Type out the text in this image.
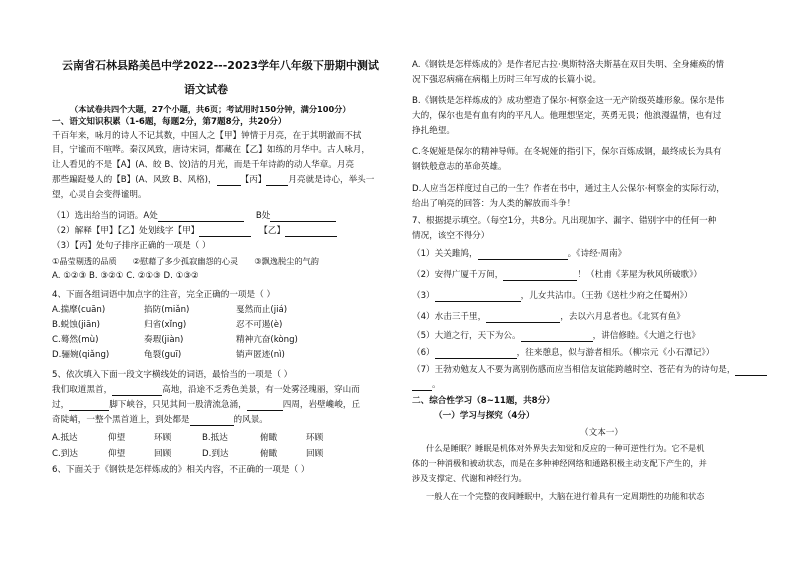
云南省石林县路美邑中学2022---2023学年八年级下册期中测试
语文试卷
（本试卷共四个大题，27个小题，共6页；考试用时150分钟，满分100分）
一、语文知识积累（1-6题，每题2分，第7题8分，共20分）
千百年来，咏月的诗人不记其数，中国人之【甲】钟情于月亮，在于其明澈而不拭
目，宁谧而不喧哗。秦汉风致，唐诗宋词，都藏在【乙】如练的月华中。古人咏月，
让人看见的不是【A】(A、皎 B、饺)洁的月光，而是千年诗韵的动人华章。月亮
那些蹁跹曼人的【B】(A、风致 B、风格)，	【丙】	月亮就是诗心，举头一
望，心灵自会变得谧明。
（1）选出给当的词语。A处	B处
（2）解释【甲】【乙】处划线字【甲】	【乙】
（3）【丙】处句子排序正确的一项是（ ）
①晶莹剔透的品质 ②慰藉了多少孤寂幽怨的心灵 ③飘逸脱尘的气韵
A. ①②③ B. ③②① C. ②①③ D. ①③②
4、下面各组词语中加点字的注音，完全正确的一项是（ ）
A.揣摩(cuān)	掐防(miǎn)	戛然而止(jiá)
B.蜕蚀(jiān)	归省(xǐng)	忍不可遏(è)
C.蓦然(mù)	奏瑕(jiàn)	精神亢奋(kòng)
D.骊婉(qiǎng)	龟裂(guī)	销声匿迹(nì)
5、依次填入下面一段文字横线处的词语，最恰当的一项是（ ）
我们取道黑首，	高地，沿途不乏秀色美景，有一处雾泾瑰丽，穿山而
过，	脚下峡谷，只见其间一股清流急涌，	四周，岩壁巉峻，丘
奇陡峭，一整个黑首道上，到处都是	的风景。
A.抵达	仰望	环顾	B.抵达	俯瞰	环顾
C.到达	仰望	回顾	D.到达	俯瞰	回顾
6、下面关于《钢铁是怎样炼成的》相关内容，不正确的一项是（ ）
A.《钢铁是怎样炼成的》是作者尼古拉·奥斯特洛夫斯基在双目失明、全身瘫痪的情
况下强忍病痛在病榻上历时三年写成的长篇小说。
B.《钢铁是怎样炼成的》成功塑造了保尔·柯察金这一无产阶级英雄形象。保尔是伟
大的，保尔也是有血有肉的平凡人。他理想坚定，英勇无畏；他浪漫温情，也有过
挣扎绝望。
C.冬妮娅是保尔的精神导师。在冬妮娅的指引下，保尔百炼成钢，最终成长为具有
钢铁般意志的革命英雄。
D.人应当怎样度过自己的一生？作者在书中，通过主人公保尔·柯察金的实际行动，
给出了响亮的回答：为人类的解放而斗争！
7、根据提示填空。（每空1分，共8分。凡出现加字、漏字、错别字中的任何一种
情况，该空不得分）
（1）关关雎鸠，	。《诗经·周南》
（2）安得广厦千万间，	！（杜甫《茅屋为秋风所破歌》）
（3）	，儿女共沾巾。（王勃《送杜少府之任蜀州》）
（4）水击三千里，	，去以六月息者也。《北冥有鱼》
（5）大道之行，天下为公。	，讲信修睦。《大道之行也》
（6）	，往来憩息，似与游者相乐。（柳宗元《小石潭记》）
（7）王勃劝勉友人不要为离别伤感而应当相信友谊能跨越时空、苍茫有为的诗句是，
。
二、综合性学习（8~11题，共8分）
（一）学习与探究（4分）
（文本一）
什么是睡眠？睡眠是机体对外界失去知觉和反应的一种可逆性行为。它不是机
体的一种消极和被动状态，而是在多种神经网络和通路积极主动支配下产生的，并
涉及支撑定、代谢和神经行为。
一般人在一个完整的夜间睡眠中，大脑在进行着具有一定周期性的功能和状态
